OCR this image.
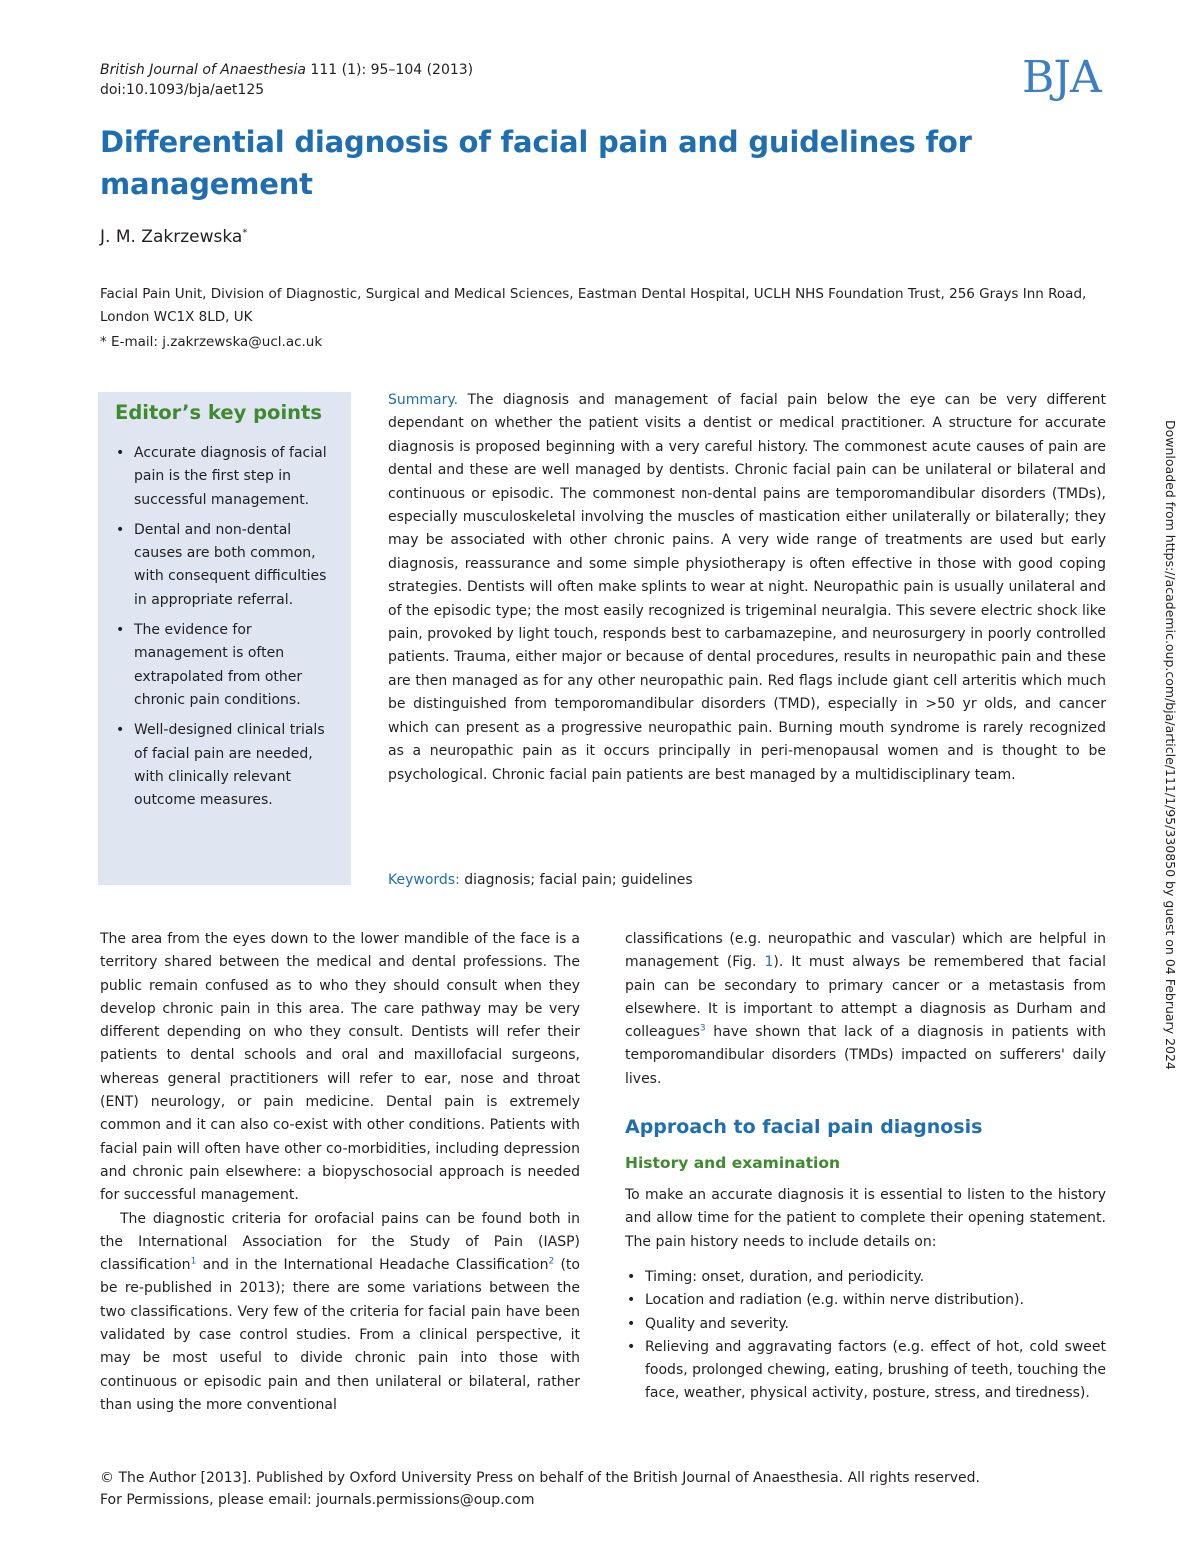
British Journal of Anaesthesia 111 (1): 95–104 (2013)
doi:10.1093/bja/aet125	BJA
Differential diagnosis of facial pain and guidelines for management
J. M. Zakrzewska*
Facial Pain Unit, Division of Diagnostic, Surgical and Medical Sciences, Eastman Dental Hospital, UCLH NHS Foundation Trust, 256 Grays Inn Road, London WC1X 8LD, UK
* E-mail: j.zakrzewska@ucl.ac.uk
Editor’s key points
• Accurate diagnosis of facial pain is the first step in successful management.
• Dental and non-dental causes are both common, with consequent difficulties in appropriate referral.
• The evidence for management is often extrapolated from other chronic pain conditions.
• Well-designed clinical trials of facial pain are needed, with clinically relevant outcome measures.
Summary. The diagnosis and management of facial pain below the eye can be very different dependant on whether the patient visits a dentist or medical practitioner. A structure for accurate diagnosis is proposed beginning with a very careful history. The commonest acute causes of pain are dental and these are well managed by dentists. Chronic facial pain can be unilateral or bilateral and continuous or episodic. The commonest non-dental pains are temporomandibular disorders (TMDs), especially musculoskeletal involving the muscles of mastication either unilaterally or bilaterally; they may be associated with other chronic pains. A very wide range of treatments are used but early diagnosis, reassurance and some simple physiotherapy is often effective in those with good coping strategies. Dentists will often make splints to wear at night. Neuropathic pain is usually unilateral and of the episodic type; the most easily recognized is trigeminal neuralgia. This severe electric shock like pain, provoked by light touch, responds best to carbamazepine, and neurosurgery in poorly controlled patients. Trauma, either major or because of dental procedures, results in neuropathic pain and these are then managed as for any other neuropathic pain. Red flags include giant cell arteritis which much be distinguished from temporomandibular disorders (TMD), especially in >50 yr olds, and cancer which can present as a progressive neuropathic pain. Burning mouth syndrome is rarely recognized as a neuropathic pain as it occurs principally in peri-menopausal women and is thought to be psychological. Chronic facial pain patients are best managed by a multidisciplinary team.
Keywords: diagnosis; facial pain; guidelines

The area from the eyes down to the lower mandible of the face is a territory shared between the medical and dental professions. The public remain confused as to who they should consult when they develop chronic pain in this area. The care pathway may be very different depending on who they consult. Dentists will refer their patients to dental schools and oral and maxillofacial surgeons, whereas general practitioners will refer to ear, nose and throat (ENT) neurology, or pain medicine. Dental pain is extremely common and it can also co-exist with other conditions. Patients with facial pain will often have other co-morbidities, including depression and chronic pain elsewhere: a biopyschosocial approach is needed for successful management.

The diagnostic criteria for orofacial pains can be found both in the International Association for the Study of Pain (IASP) classification$^1$ and in the International Headache Classification$^2$ (to be re-published in 2013); there are some variations between the two classifications. Very few of the criteria for facial pain have been validated by case control studies. From a clinical perspective, it may be most useful to divide chronic pain into those with continuous or episodic pain and then unilateral or bilateral, rather than using the more conventional

classifications (e.g. neuropathic and vascular) which are helpful in management (Fig. 1). It must always be remembered that facial pain can be secondary to primary cancer or a metastasis from elsewhere. It is important to attempt a diagnosis as Durham and colleagues$^3$ have shown that lack of a diagnosis in patients with temporomandibular disorders (TMDs) impacted on sufferers' daily lives.

Approach to facial pain diagnosis
History and examination

To make an accurate diagnosis it is essential to listen to the history and allow time for the patient to complete their opening statement. The pain history needs to include details on:

• Timing: onset, duration, and periodicity.
• Location and radiation (e.g. within nerve distribution).
• Quality and severity.
• Relieving and aggravating factors (e.g. effect of hot, cold sweet foods, prolonged chewing, eating, brushing of teeth, touching the face, weather, physical activity, posture, stress, and tiredness).
© The Author [2013]. Published by Oxford University Press on behalf of the British Journal of Anaesthesia. All rights reserved.
For Permissions, please email: journals.permissions@oup.com
Downloaded from https://academic.oup.com/bja/article/111/1/95/330850 by guest on 04 February 2024
